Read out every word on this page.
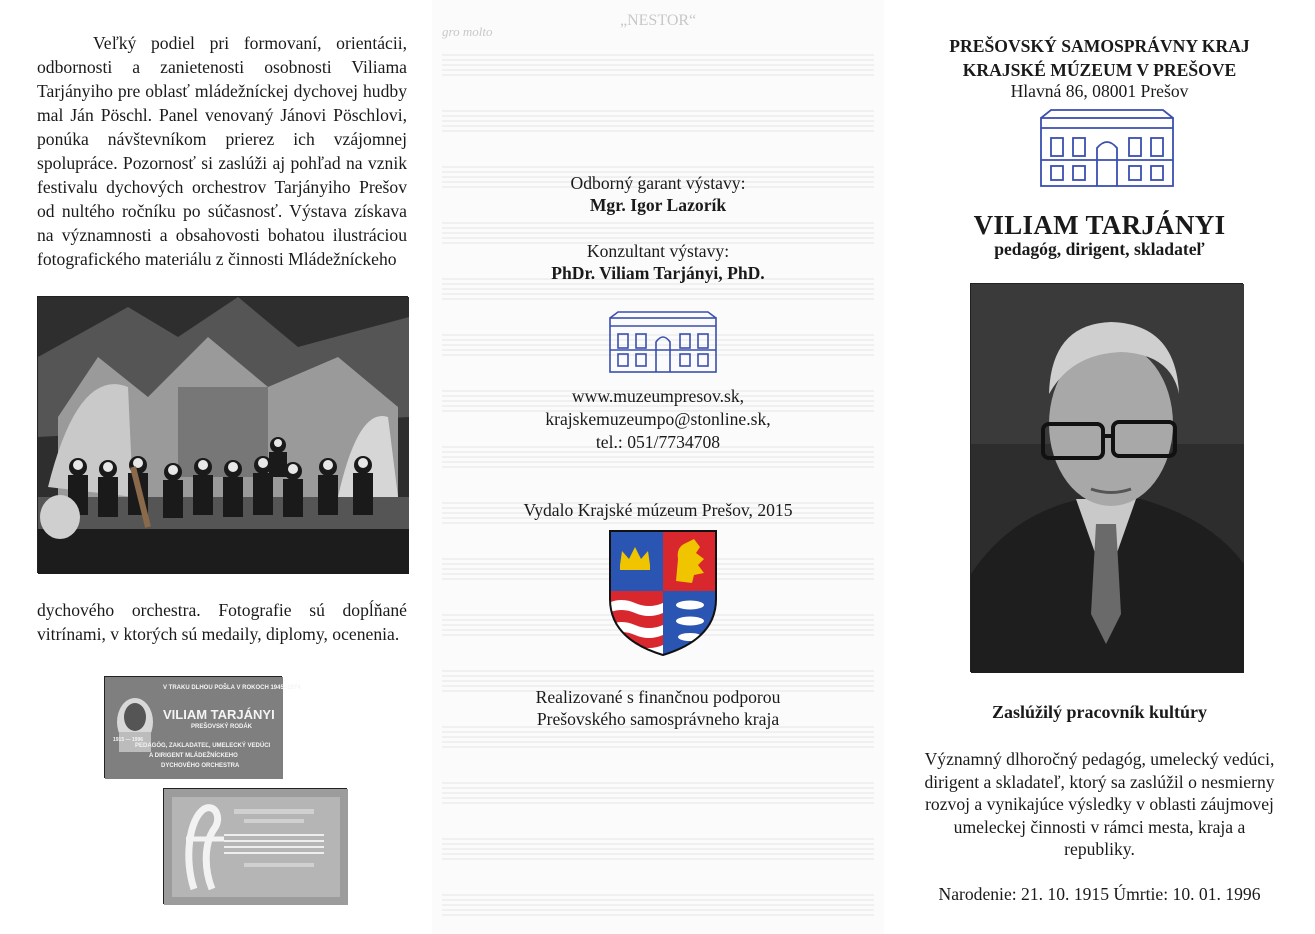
Veľký podiel pri formovaní, orientácii, odbornosti a zanietenosti osobnosti Viliama Tarjányiho pre oblasť mládežníckej dychovej hudby mal Ján Pöschl. Panel venovaný Jánovi Pöschlovi, ponúka návštevníkom prierez ich vzájomnej spolupráce. Pozornosť si zaslúži aj pohľad na vznik festivalu dychových orchestrov Tarjányiho Prešov od nultého ročníku po súčasnosť. Výstava získava na významnosti a obsahovosti bohatou ilustráciou fotografického materiálu z činnosti Mládežníckeho

dychového orchestra. Fotografie sú dopĺňané vitrínami, v ktorých sú medaily, diplomy, ocenenia.

V TRAKU DLHOU POŠLA V ROKOCH 1945–1974
VILIAM TARJÁNYI
PREŠOVSKÝ RODÁK
1915 — 1996
PEDAGÓG, ZAKLADATEĽ, UMELECKÝ VEDÚCI
A DIRIGENT MLÁDEŽNÍCKEHO
DYCHOVÉHO ORCHESTRA
gro molto
„NESTOR“

Odborný garant výstavy:

Mgr. Igor Lazorík

Konzultant výstavy:

PhDr. Viliam Tarjányi, PhD.

www.muzeumpresov.sk,

krajskemuzeumpo@stonline.sk,

tel.: 051/7734708

Vydalo Krajské múzeum Prešov, 2015

Realizované s finančnou podporou

Prešovského samosprávneho kraja

PREŠOVSKÝ SAMOSPRÁVNY KRAJ

KRAJSKÉ MÚZEUM V PREŠOVE

Hlavná 86, 08001 Prešov

VILIAM TARJÁNYI

pedagóg, dirigent, skladateľ

Zaslúžilý pracovník kultúry

Významný dlhoročný pedagóg, umelecký vedúci, dirigent a skladateľ, ktorý sa zaslúžil o nesmierny rozvoj a vynikajúce výsledky v oblasti záujmovej umeleckej činnosti v rámci mesta, kraja a republiky.

Narodenie: 21. 10. 1915 Úmrtie: 10. 01. 1996
